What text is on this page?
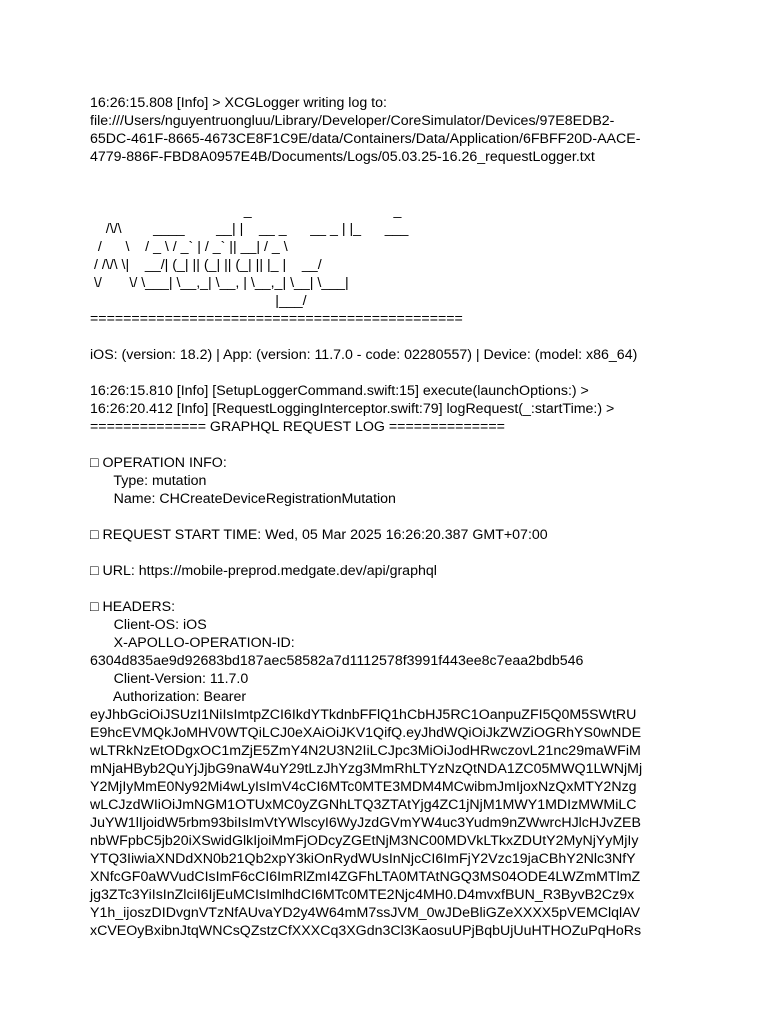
16:26:15.808 [Info] > XCGLogger writing log to:
file:///Users/nguyentruongluu/Library/Developer/CoreSimulator/Devices/97E8EDB2-
65DC-461F-8665-4673CE8F1C9E/data/Containers/Data/Application/6FBFF20D-AACE-
4779-886F-FBD8A0957E4B/Documents/Logs/05.03.25-16.26_requestLogger.txt
_                                    _
/\/\        ____        __| |    __ _      __ _ | |_      ___
/      \    / _ \ / _` | / _` || __| / _ \
/ /\/\ \|    __/| (_| || (_| || (_| || |_ |    __/
\/       \/ \___| \__,_| \__, | \__,_| \__| \___|
|___/
=============================================
iOS: (version: 18.2) | App: (version: 11.7.0 - code: 02280557) | Device: (model: x86_64)
16:26:15.810 [Info] [SetupLoggerCommand.swift:15] execute(launchOptions:) >
16:26:20.412 [Info] [RequestLoggingInterceptor.swift:79] logRequest(_:startTime:) >
============== GRAPHQL REQUEST LOG ==============
□ OPERATION INFO:
Type: mutation
Name: CHCreateDeviceRegistrationMutation
□ REQUEST START TIME: Wed, 05 Mar 2025 16:26:20.387 GMT+07:00
□ URL: https://mobile-preprod.medgate.dev/api/graphql
□ HEADERS:
Client-OS: iOS
X-APOLLO-OPERATION-ID:
6304d835ae9d92683bd187aec58582a7d1112578f3991f443ee8c7eaa2bdb546
Client-Version: 11.7.0
Authorization: Bearer
eyJhbGciOiJSUzI1NiIsImtpZCI6IkdYTkdnbFFlQ1hCbHJ5RC1OanpuZFI5Q0M5SWtRU
E9hcEVMQkJoMHV0WTQiLCJ0eXAiOiJKV1QifQ.eyJhdWQiOiJkZWZiOGRhYS0wNDE
wLTRkNzEtODgxOC1mZjE5ZmY4N2U3N2IiLCJpc3MiOiJodHRwczovL21nc29maWFiM
mNjaHByb2QuYjJjbG9naW4uY29tLzJhYzg3MmRhLTYzNzQtNDA1ZC05MWQ1LWNjMj
Y2MjIyMmE0Ny92Mi4wLyIsImV4cCI6MTc0MTE3MDM4MCwibmJmIjoxNzQxMTY2Nzg
wLCJzdWIiOiJmNGM1OTUxMC0yZGNhLTQ3ZTAtYjg4ZC1jNjM1MWY1MDIzMWMiLC
JuYW1lIjoidW5rbm93biIsImVtYWlscyI6WyJzdGVmYW4uc3Yudm9nZWwrcHJlcHJvZEB
nbWFpbC5jb20iXSwidGlkIjoiMmFjODcyZGEtNjM3NC00MDVkLTkxZDUtY2MyNjYyMjIy
YTQ3IiwiaXNDdXN0b21Qb2xpY3kiOnRydWUsInNjcCI6ImFjY2Vzc19jaCBhY2Nlc3NfY
XNfcGF0aWVudCIsImF6cCI6ImRlZmI4ZGFhLTA0MTAtNGQ3MS04ODE4LWZmMTlmZ
jg3ZTc3YiIsInZlciI6IjEuMCIsImlhdCI6MTc0MTE2Njc4MH0.D4mvxfBUN_R3ByvB2Cz9x
Y1h_ijoszDIDvgnVTzNfAUvaYD2y4W64mM7ssJVM_0wJDeBliGZeXXXX5pVEMClqlAV
xCVEOyBxibnJtqWNCsQZstzCfXXXCq3XGdn3Cl3KaosuUPjBqbUjUuHTHOZuPqHoRs
